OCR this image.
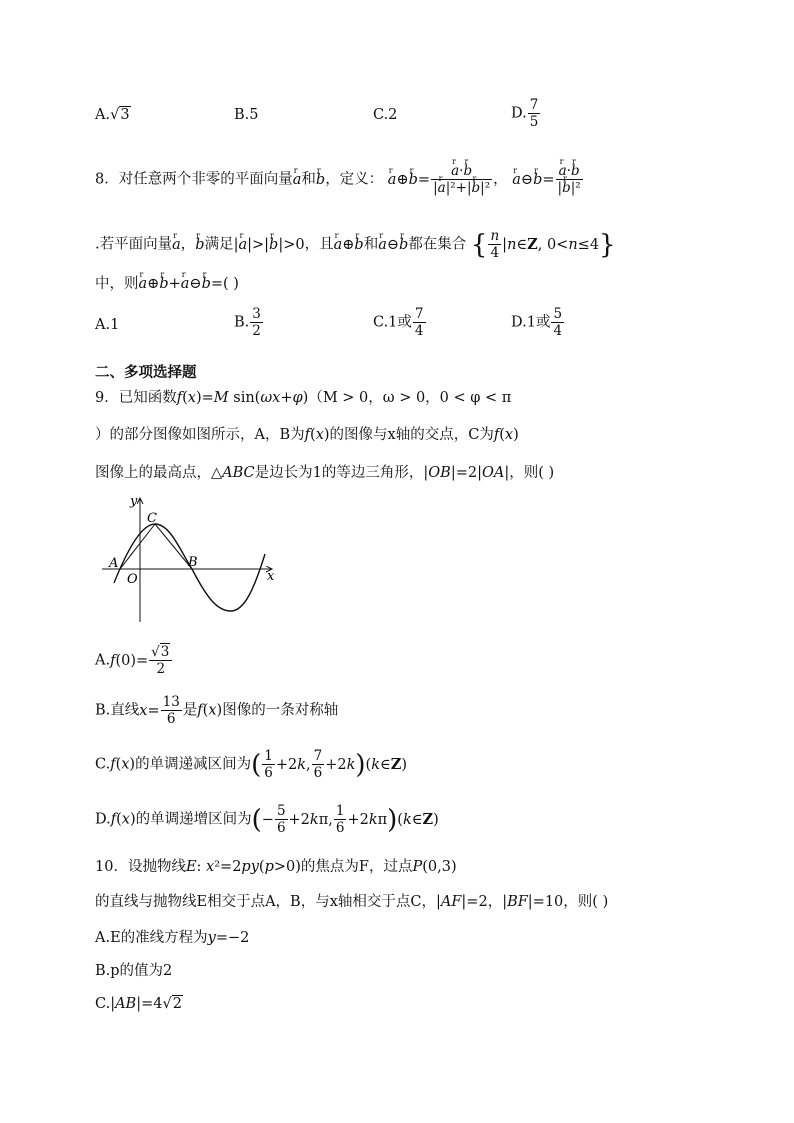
A.√3	B.5	C.2	D. $\frac{7}{5}$
8．对任意两个非零的平面向量r a和r b，定义： r a⊕r b= r $\frac{\text{a·r b}}{\text{|r a|²+|r b|²}}$ ， r a⊖r b= r $\frac{\text{a·r b}}{\text{|r b|²}}$
.若平面向量r a，r b满足|r a|>|r b|>0，且r a⊕r b和r a⊖r b都在集合 { $\frac{n}{4}$ |n∈Z, 0<n≤4}
中，则r a⊕r b+r a⊖r b=( )
A.1	B. $\frac{3}{2}$	C.1或 $\frac{7}{4}$	D.1或 $\frac{5}{4}$
二、多项选择题
9．已知函数f(x)=M sin(ωx+φ)（M > 0，ω > 0，0 < φ < π
）的部分图像如图所示，A，B为f(x)的图像与x轴的交点，C为f(x)
图像上的最高点，△ABC是边长为1的等边三角形，|OB|=2|OA|，则( )
y
x
O
A	B
C
$A.f(0)= \frac{√3}{2}$
B.直线$x= \frac{13}{6}$ 是f(x)图像的一条对称轴
C.f(x)的单调递减区间为( $\frac{1}{6} +2k$, $\frac{7}{6}$ +2k)(k∈Z)
D.f(x)的单调递增区间为(− $\frac{5}{6} +2k\pi$, $\frac{1}{6}$ +2kπ)(k∈Z)
10．设抛物线E: x²=2py(p>0)的焦点为F，过点P(0,3)
的直线与抛物线E相交于点A，B，与x轴相交于点C，|AF|=2，|BF|=10，则( )
A.E的准线方程为y=−2
B.p的值为2
C.|AB|=4√2
